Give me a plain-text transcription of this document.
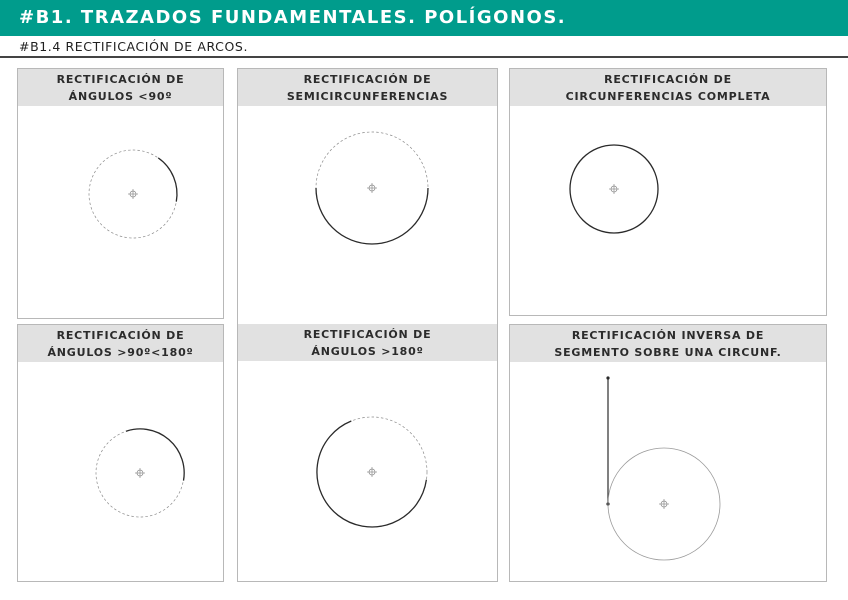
#B1. TRAZADOS FUNDAMENTALES. POLÍGONOS.
#B1.4 RECTIFICACIÓN DE ARCOS.
RECTIFICACIÓN DE
ÁNGULOS <90º
RECTIFICACIÓN DE
SEMICIRCUNFERENCIAS
RECTIFICACIÓN DE
CIRCUNFERENCIAS COMPLETA
RECTIFICACIÓN DE
ÁNGULOS >90º<180º
RECTIFICACIÓN DE
ÁNGULOS >180º
RECTIFICACIÓN INVERSA DE
SEGMENTO SOBRE UNA CIRCUNF.
